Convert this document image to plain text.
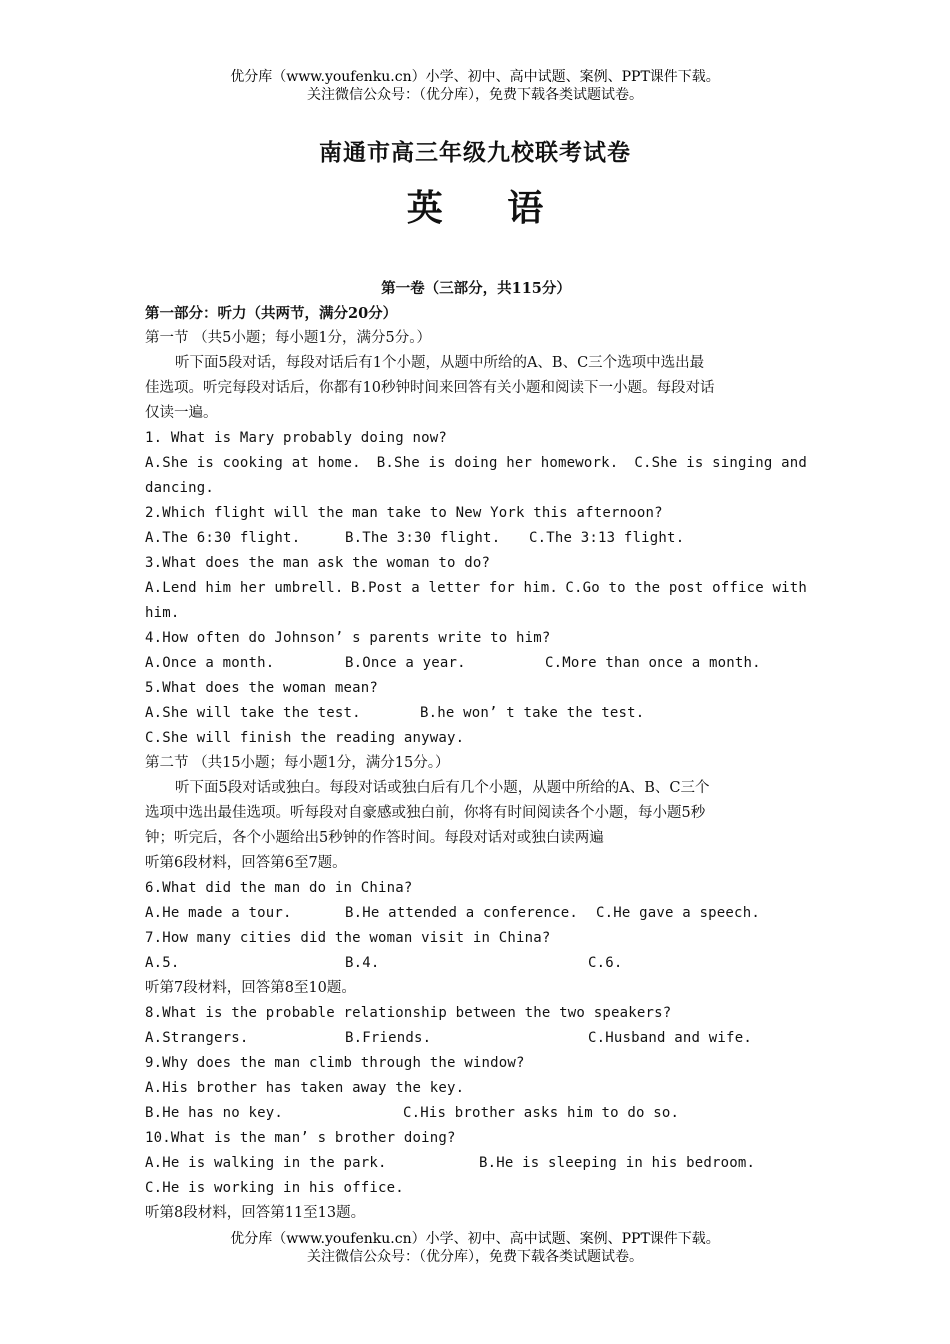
优分库（www.youfenku.cn）小学、初中、高中试题、案例、PPT课件下载。
关注微信公众号：（优分库），免费下载各类试题试卷。
南通市高三年级九校联考试卷
英 语
第一卷（三部分，共115分）
第一部分：听力（共两节，满分20分）
第一节 （共5小题；每小题1分，满分5分。）
听下面5段对话，每段对话后有1个小题，从题中所给的A、B、C三个选项中选出最
佳选项。听完每段对话后，你都有10秒钟时间来回答有关小题和阅读下一小题。每段对话
仅读一遍。
1. What is Mary probably doing now?
A.She is cooking at home. B.She is doing her homework. C.She is singing and
dancing.
2.Which flight will the man take to New York this afternoon?
A.The 6:30 flight.	B.The 3:30 flight.	C.The 3:13 flight.
3.What does the man ask the woman to do?
A.Lend him her umbrell. B.Post a letter for him. C.Go to the post office with
him.
4.How often do Johnson’ s parents write to him?
A.Once a month.	B.Once a year.	C.More than once a month.
5.What does the woman mean?
A.She will take the test.	B.he won’ t take the test.
C.She will finish the reading anyway.
第二节 （共15小题；每小题1分，满分15分。）
听下面5段对话或独白。每段对话或独白后有几个小题，从题中所给的A、B、C三个
选项中选出最佳选项。听每段对自豪感或独白前，你将有时间阅读各个小题，每小题5秒
钟；听完后，各个小题给出5秒钟的作答时间。每段对话对或独白读两遍
听第6段材料，回答第6至7题。
6.What did the man do in China?
A.He made a tour.	B.He attended a conference.	C.He gave a speech.
7.How many cities did the woman visit in China?
A.5.	B.4.	C.6.
听第7段材料，回答第8至10题。
8.What is the probable relationship between the two speakers?
A.Strangers.	B.Friends.	C.Husband and wife.
9.Why does the man climb through the window?
A.His brother has taken away the key.
B.He has no key.	C.His brother asks him to do so.
10.What is the man’ s brother doing?
A.He is walking in the park.	B.He is sleeping in his bedroom.
C.He is working in his office.
听第8段材料，回答第11至13题。
优分库（www.youfenku.cn）小学、初中、高中试题、案例、PPT课件下载。
关注微信公众号：（优分库），免费下载各类试题试卷。
